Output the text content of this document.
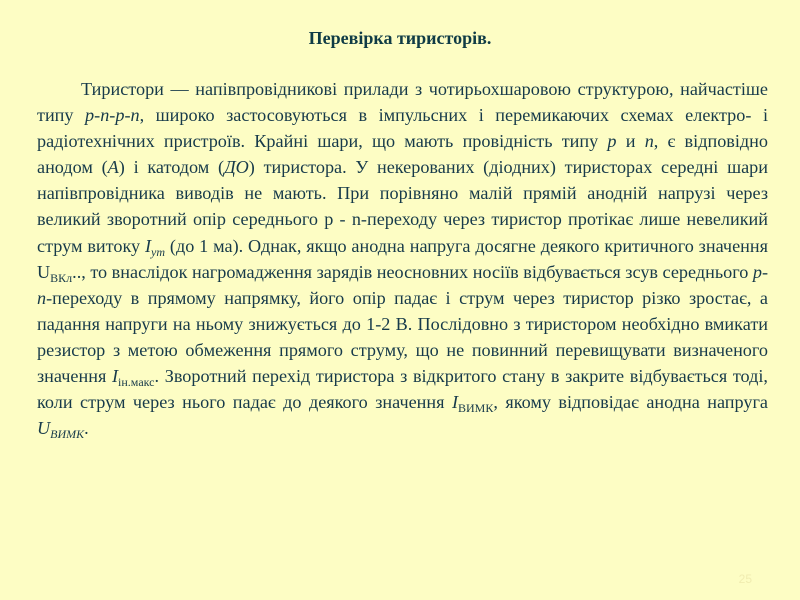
Перевірка тиристорів.

Тиристори — напівпровідникові прилади з чотирьохшаровою структурою, найчастіше типу p-n-p-n, широко застосовуються в імпульсних і перемикаючих схемах електро- і радіотехнічних пристроїв. Крайні шари, що мають провідність типу p и n, є відповідно анодом (A) і катодом (ДО) тиристора. У некерованих (діодних) тиристорах середні шари напівпровідника виводів не мають. При порівняно малій прямій анодній напрузі через великий зворотний опір середнього p - n-переходу через тиристор протікає лише невеликий струм витоку $I_{ут}$ (до 1 ма). Однак, якщо анодна напруга досягне деякого критичного значення $U_{ВКл}$.., то внаслідок нагромадження зарядів неосновних носіїв відбувається зсув середнього p-n-переходу в прямому напрямку, його опір падає і струм через тиристор різко зростає, а падання напруги на ньому знижується до 1-2 В. Послідовно з тиристором необхідно вмикати резистор з метою обмеження прямого струму, що не повинний перевищувати визначеного значення $I_{ін.макс}$. Зворотний перехід тиристора з відкритого стану в закрите відбувається тоді, коли струм через нього падає до деякого значення $I_{ВИМК}$, якому відповідає анодна напруга $U_{ВИМК}$.

25
